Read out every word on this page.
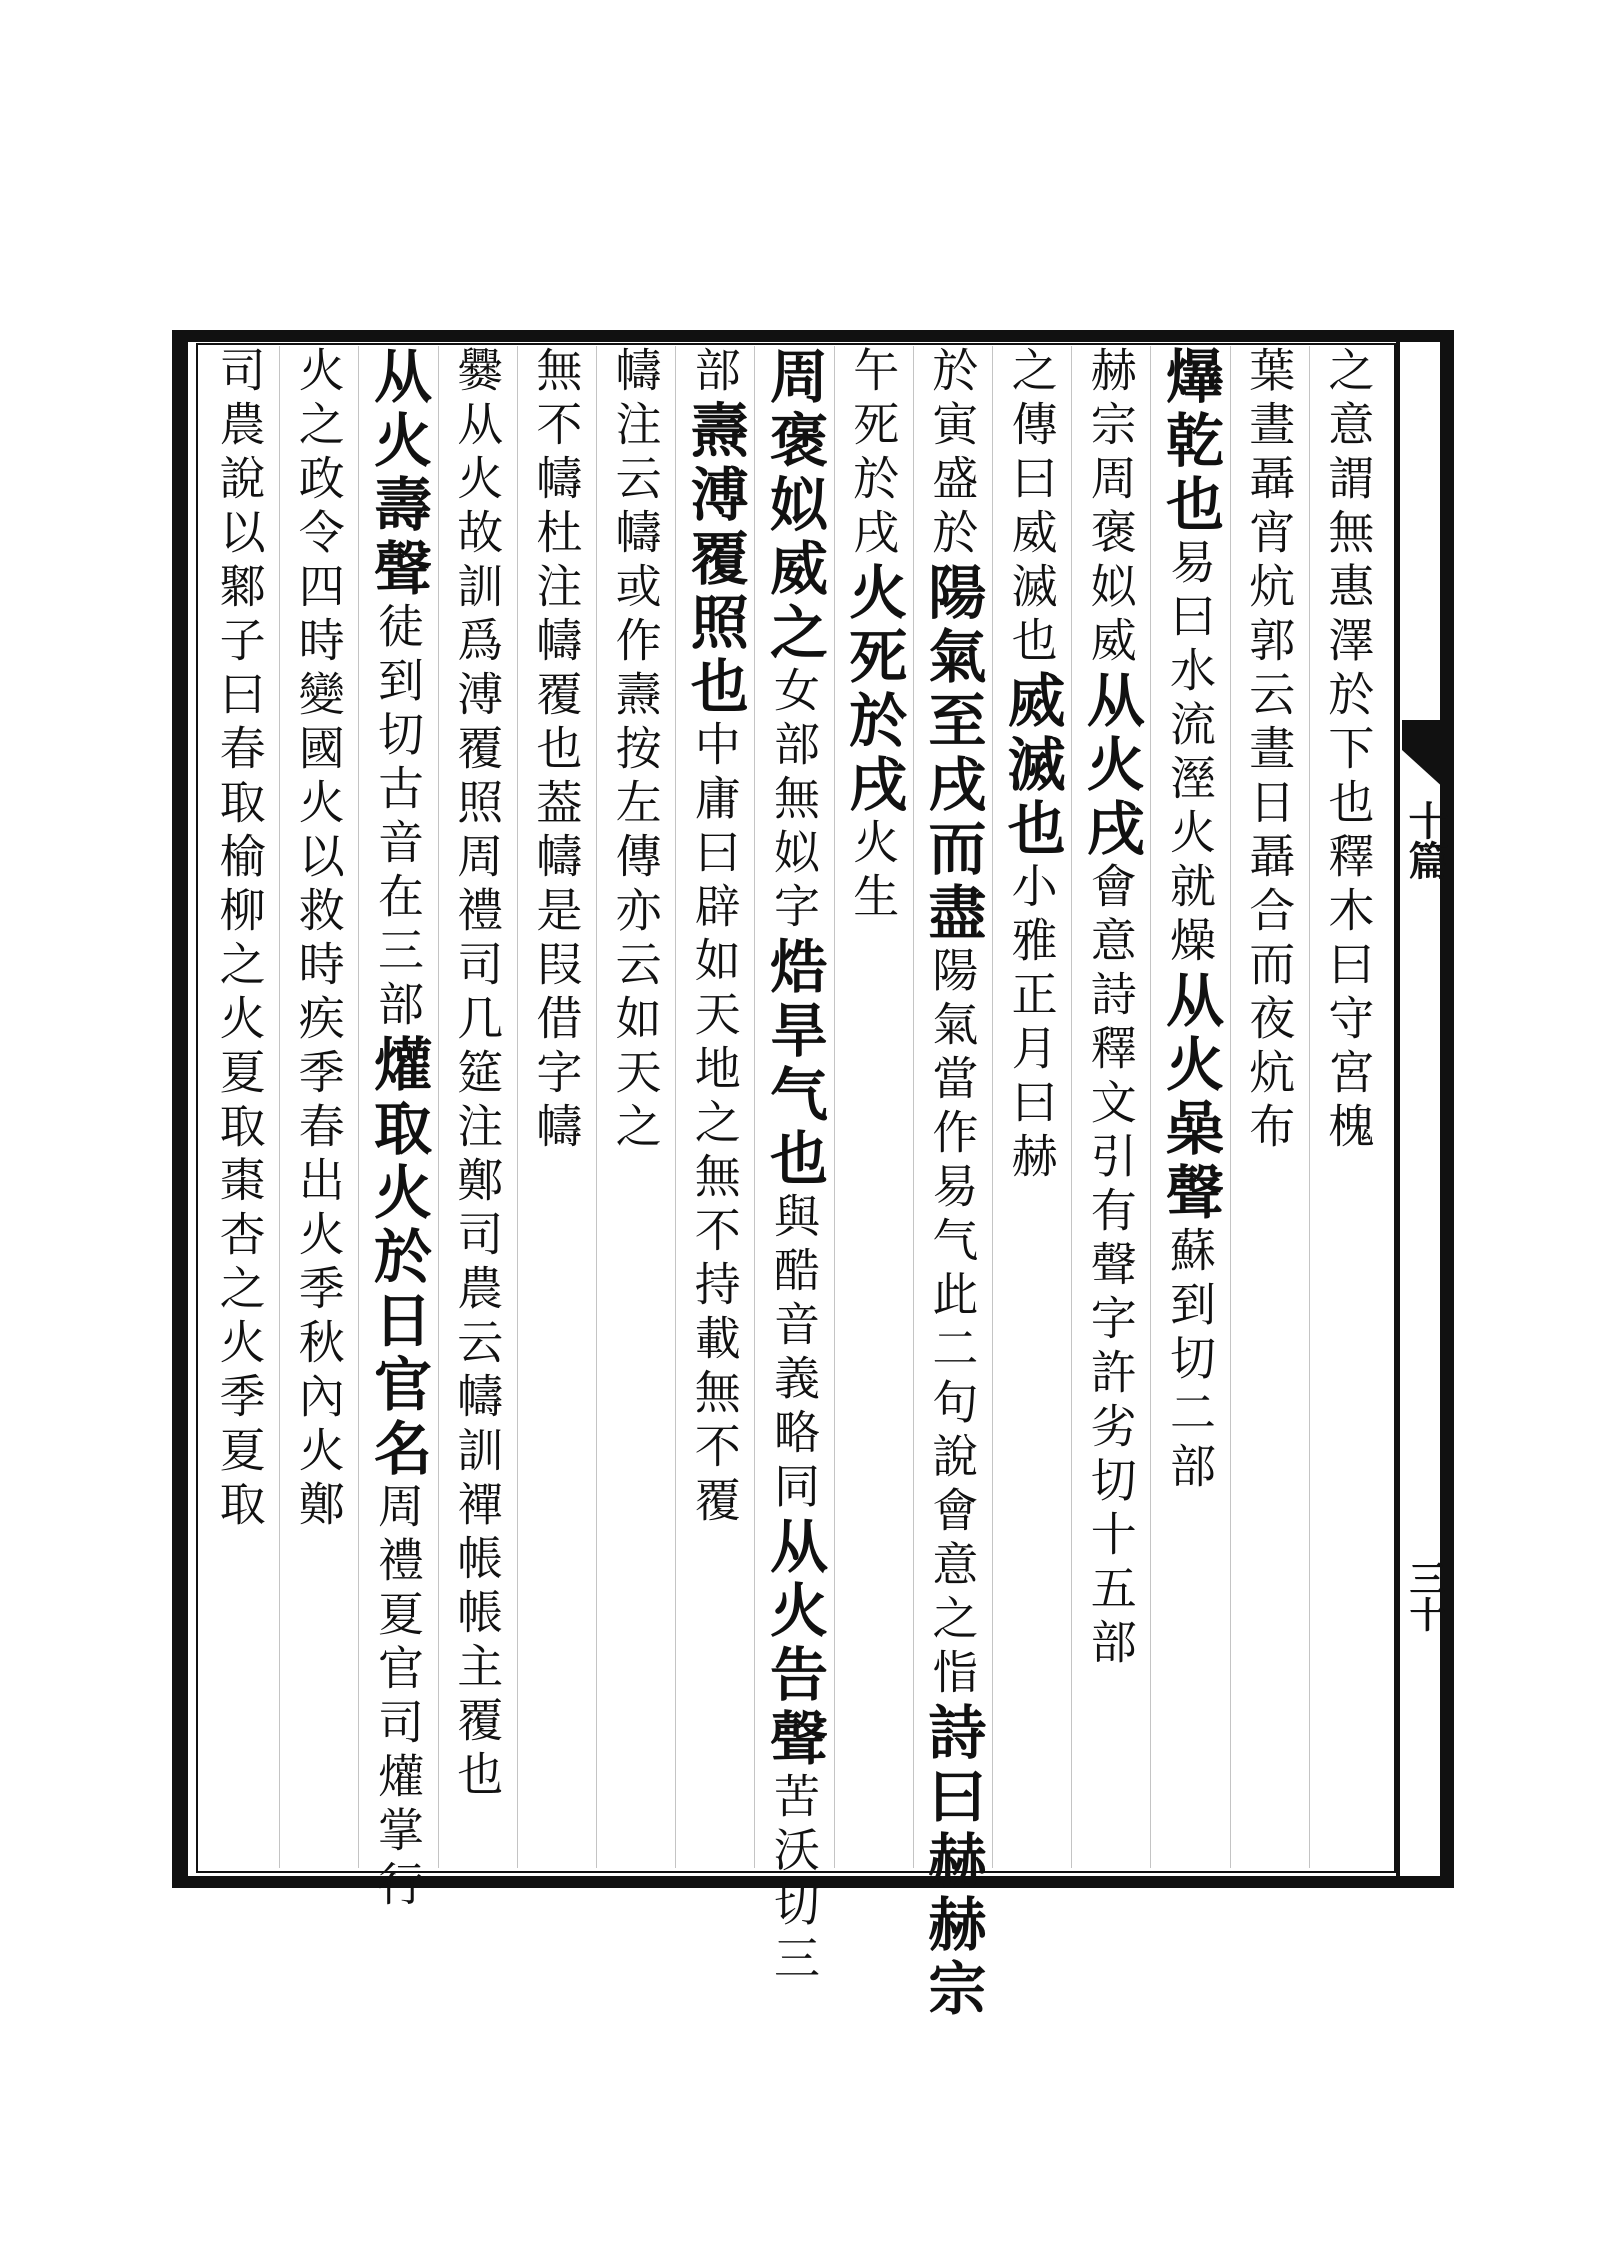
十篇
三十
之意謂無惠澤於下也釋木曰守宮槐
葉晝聶宵炕郭云晝日聶合而夜炕布
爗乾也易曰水流溼火就燥从火喿聲蘇到切二部
赫宗周褒姒威从火戌會意詩釋文引有聲字許劣切十五部
之傳曰威滅也烕滅也小雅正月曰赫
於寅盛於陽氣至戌而盡陽氣當作易气此二句說會意之恉詩曰赫赫宗
午死於戌火死於戌火生
周褒姒威之女部無姒字焅旱气也與酷音義略同从火告聲苦沃切三
部燾溥覆照也中庸曰辟如天地之無不持載無不覆
幬注云幬或作燾按左傳亦云如天之
無不幬杜注幬覆也葢幬是叚借字幬
爨从火故訓爲溥覆照周禮司几筵注鄭司農云幬訓襌帳帳主覆也
从火壽聲徒到切古音在三部爟取火於日官名周禮夏官司爟掌行
火之政令四時變國火以救時疾季春出火季秋內火鄭
司農說以鄹子曰春取榆柳之火夏取棗杏之火季夏取
